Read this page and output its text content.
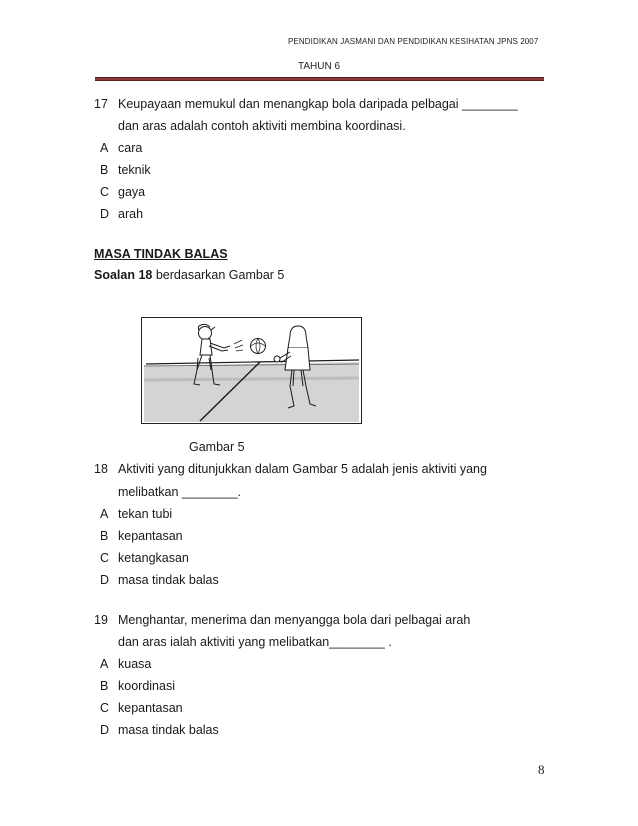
PENDIDIKAN JASMANI DAN PENDIDIKAN KESIHATAN JPNS 2007
TAHUN 6
17 Keupayaan memukul dan menangkap bola daripada pelbagai ________
dan aras adalah contoh aktiviti membina koordinasi.
A cara
B teknik
C gaya
D arah
MASA TINDAK BALAS
Soalan 18 berdasarkan Gambar 5
Gambar 5
18 Aktiviti yang ditunjukkan dalam Gambar 5 adalah jenis aktiviti yang
melibatkan ________.
A tekan tubi
B kepantasan
C ketangkasan
D masa tindak balas
19 Menghantar, menerima dan menyangga bola dari pelbagai arah
dan aras ialah aktiviti yang melibatkan________ .
A kuasa
B koordinasi
C kepantasan
D masa tindak balas
8
